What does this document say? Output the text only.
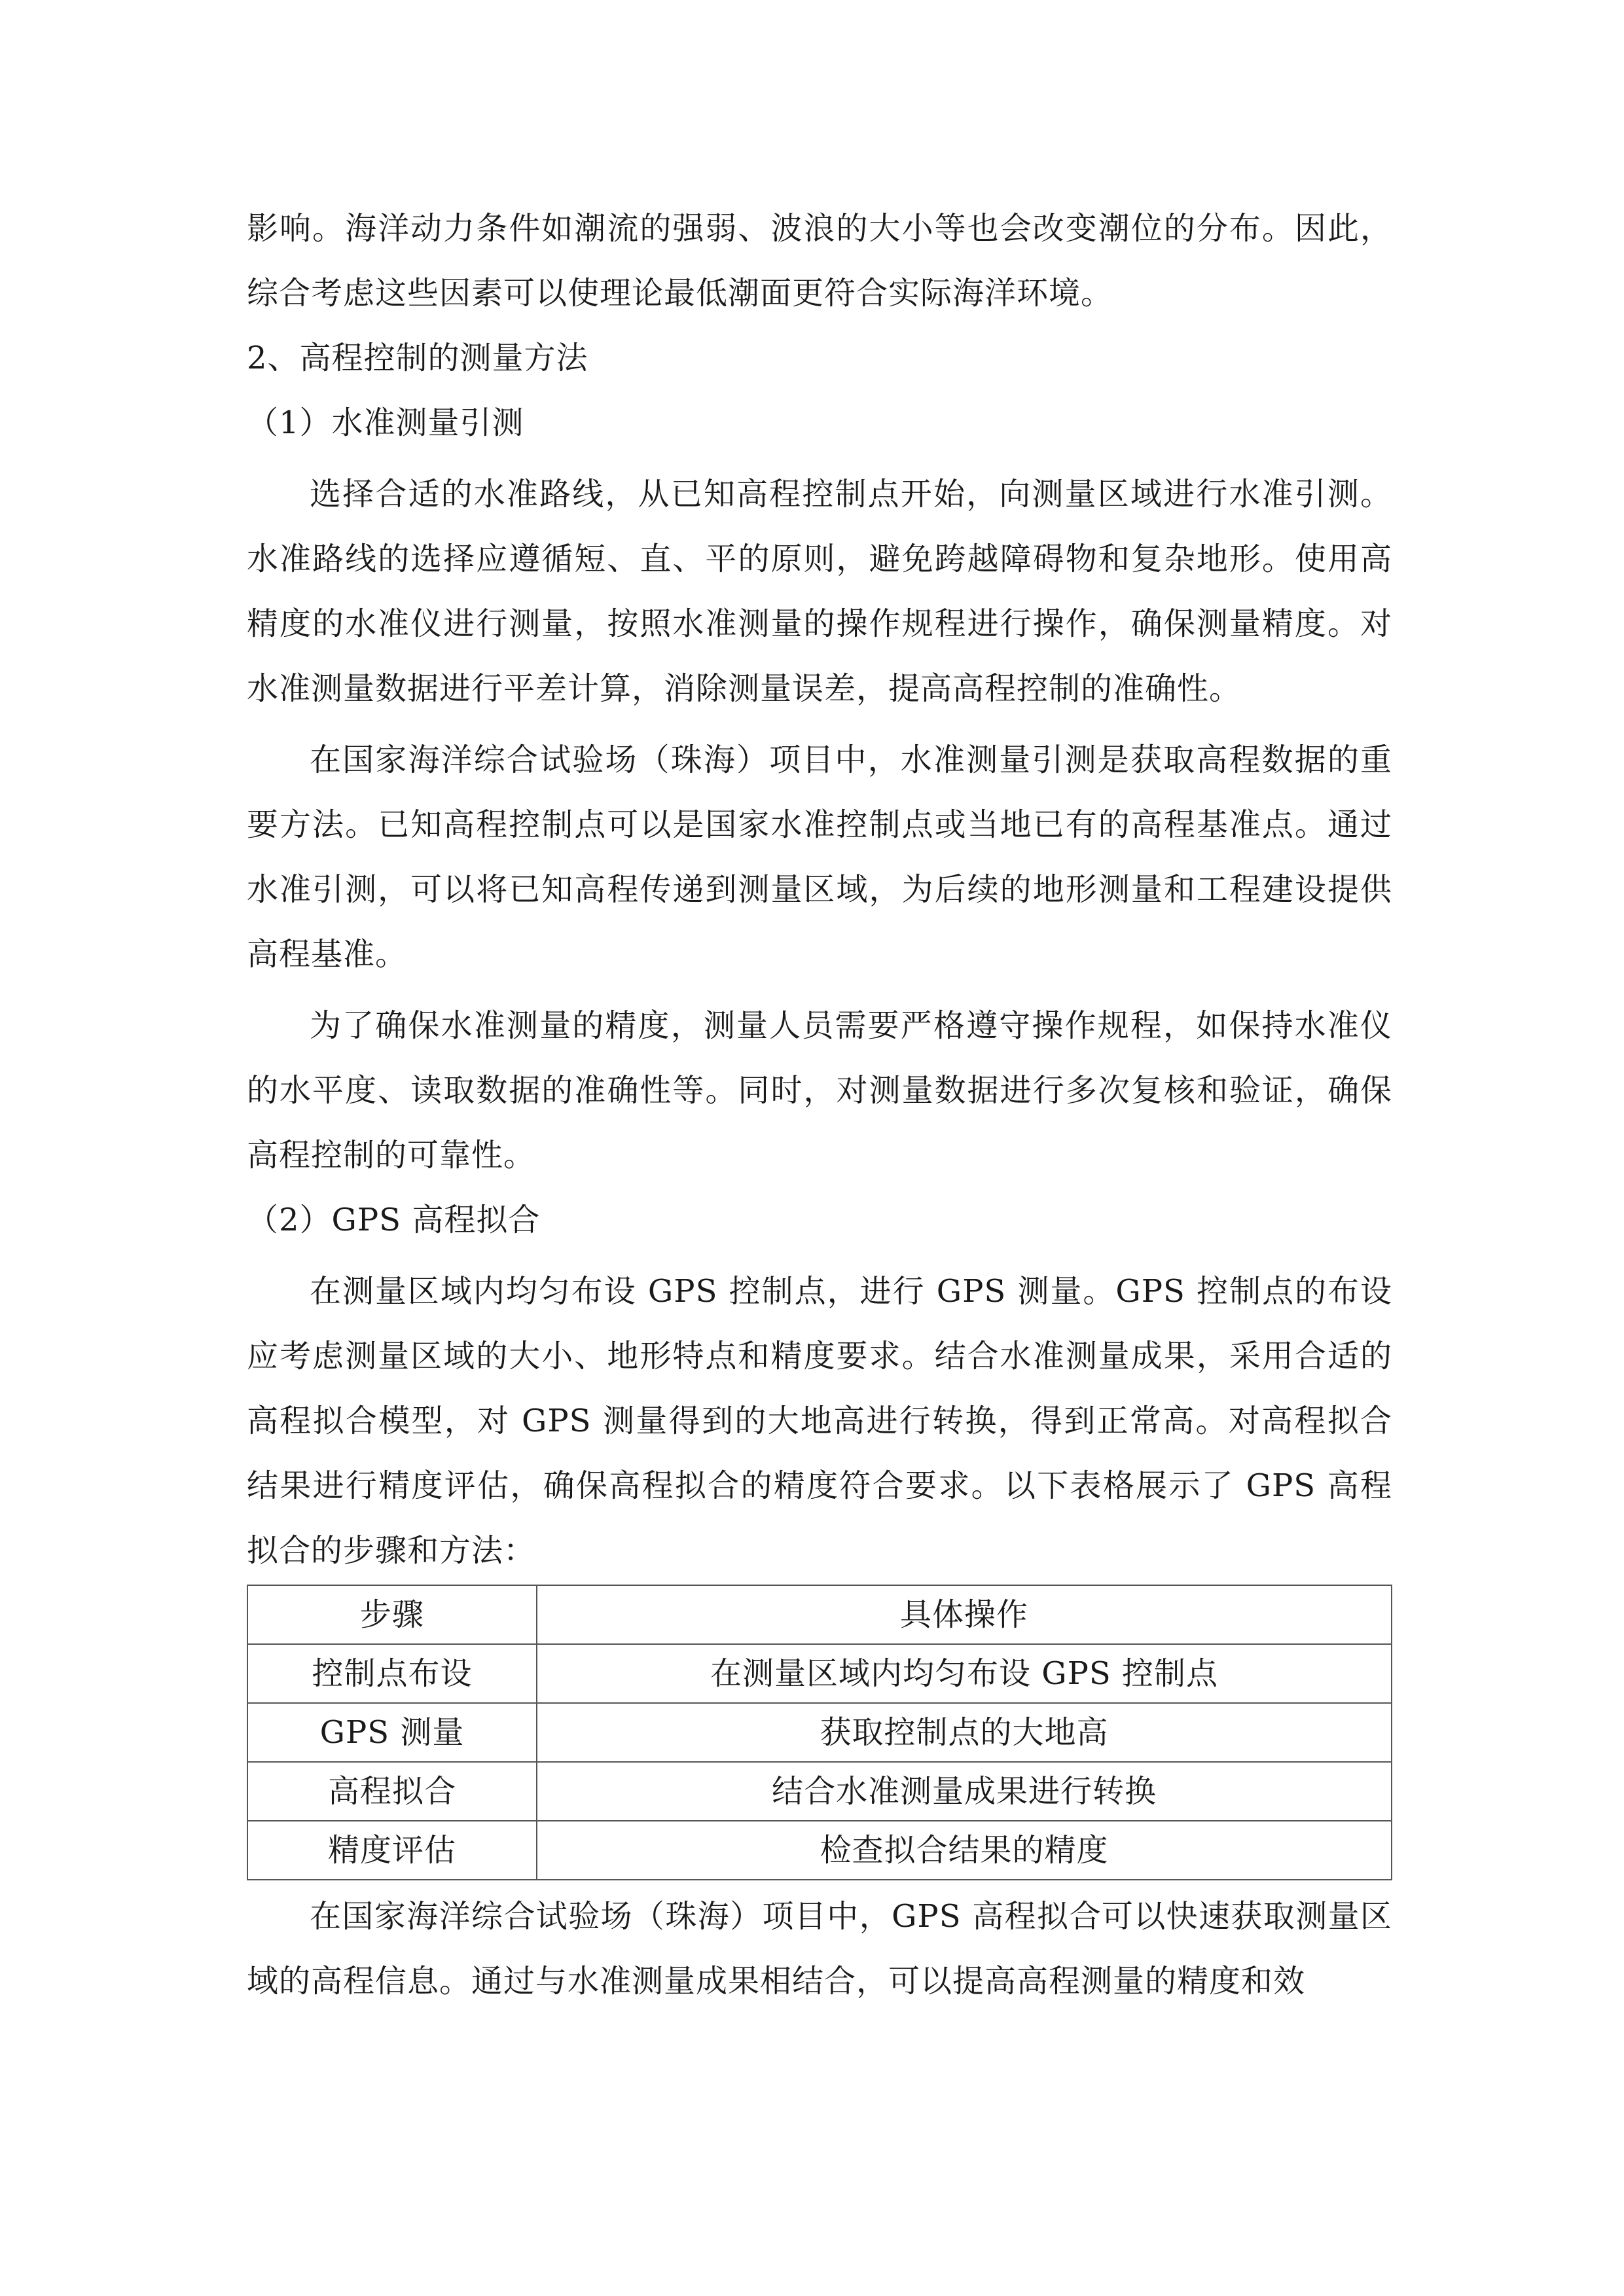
影响。海洋动力条件如潮流的强弱、波浪的大小等也会改变潮位的分布。因此，综合考虑这些因素可以使理论最低潮面更符合实际海洋环境。

2、高程控制的测量方法

（1）水准测量引测

选择合适的水准路线，从已知高程控制点开始，向测量区域进行水准引测。水准路线的选择应遵循短、直、平的原则，避免跨越障碍物和复杂地形。使用高精度的水准仪进行测量，按照水准测量的操作规程进行操作，确保测量精度。对水准测量数据进行平差计算，消除测量误差，提高高程控制的准确性。

在国家海洋综合试验场（珠海）项目中，水准测量引测是获取高程数据的重要方法。已知高程控制点可以是国家水准控制点或当地已有的高程基准点。通过水准引测，可以将已知高程传递到测量区域，为后续的地形测量和工程建设提供高程基准。

为了确保水准测量的精度，测量人员需要严格遵守操作规程，如保持水准仪的水平度、读取数据的准确性等。同时，对测量数据进行多次复核和验证，确保高程控制的可靠性。

（2）GPS 高程拟合

在测量区域内均匀布设 GPS 控制点，进行 GPS 测量。GPS 控制点的布设应考虑测量区域的大小、地形特点和精度要求。结合水准测量成果，采用合适的高程拟合模型，对 GPS 测量得到的大地高进行转换，得到正常高。对高程拟合结果进行精度评估，确保高程拟合的精度符合要求。以下表格展示了 GPS 高程拟合的步骤和方法：

步骤	具体操作
控制点布设	在测量区域内均匀布设 GPS 控制点
GPS 测量	获取控制点的大地高
高程拟合	结合水准测量成果进行转换
精度评估	检查拟合结果的精度

在国家海洋综合试验场（珠海）项目中，GPS 高程拟合可以快速获取测量区域的高程信息。通过与水准测量成果相结合，可以提高高程测量的精度和效
